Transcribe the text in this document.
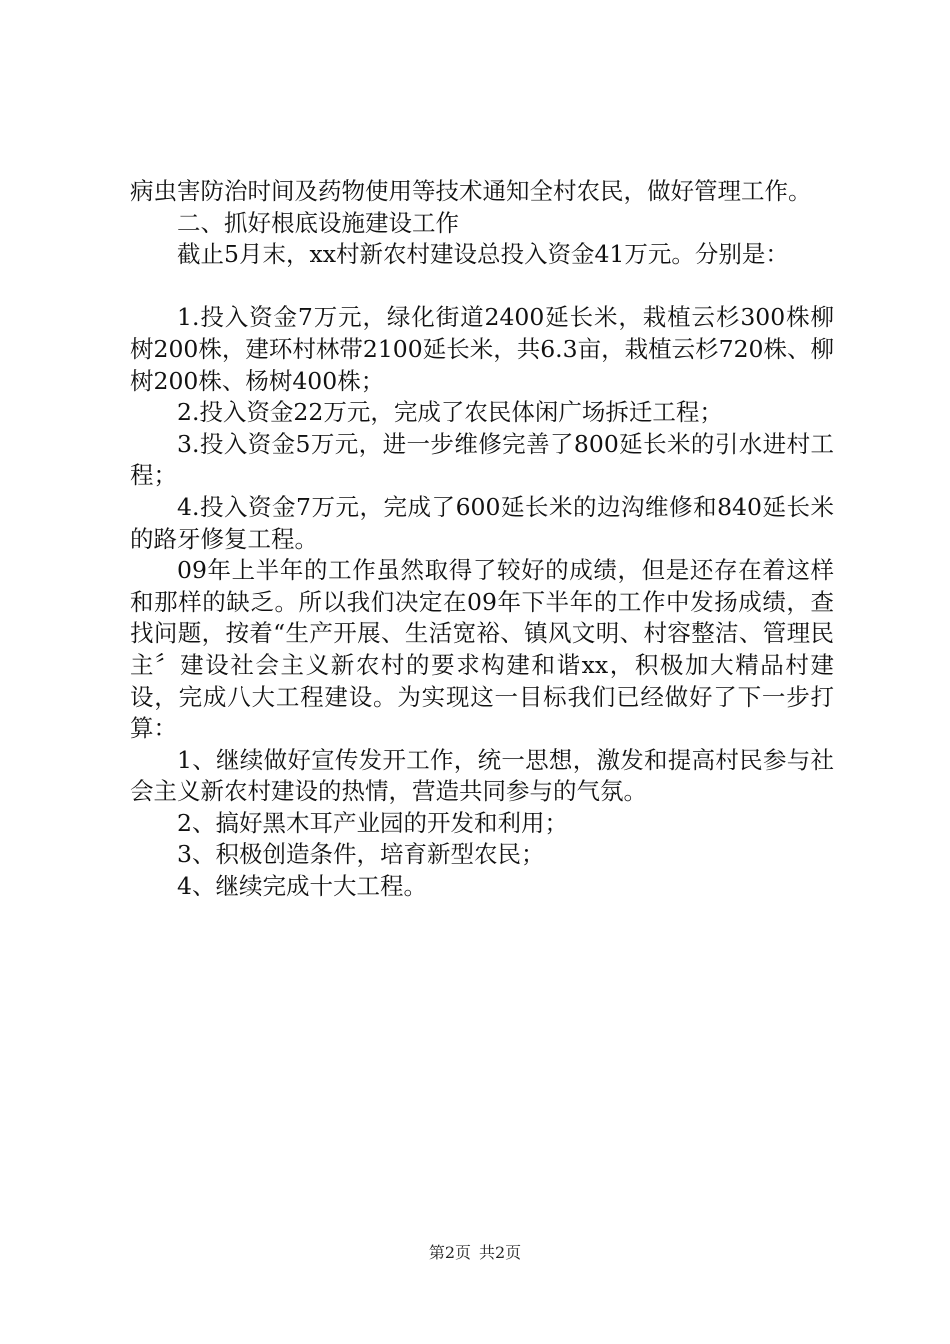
病虫害防治时间及药物使用等技术通知全村农民，做好管理工作。

二、抓好根底设施建设工作

截止5月末，xx村新农村建设总投入资金41万元。分别是：

1.投入资金7万元，绿化街道2400延长米，栽植云杉300株柳树200株，建环村林带2100延长米，共6.3亩，栽植云杉720株、柳树200株、杨树400株；

2.投入资金22万元，完成了农民体闲广场拆迁工程；

3.投入资金5万元，进一步维修完善了800延长米的引水进村工程；

4.投入资金7万元，完成了600延长米的边沟维修和840延长米的路牙修复工程。

09年上半年的工作虽然取得了较好的成绩，但是还存在着这样和那样的缺乏。所以我们决定在09年下半年的工作中发扬成绩，查找问题，按着“生产开展、生活宽裕、镇风文明、村容整洁、管理民主〞建设社会主义新农村的要求构建和谐xx，积极加大精品村建设，完成八大工程建设。为实现这一目标我们已经做好了下一步打算：

1、继续做好宣传发开工作，统一思想，激发和提高村民参与社会主义新农村建设的热情，营造共同参与的气氛。

2、搞好黑木耳产业园的开发和利用；

3、积极创造条件，培育新型农民；

4、继续完成十大工程。

第2页 共2页
